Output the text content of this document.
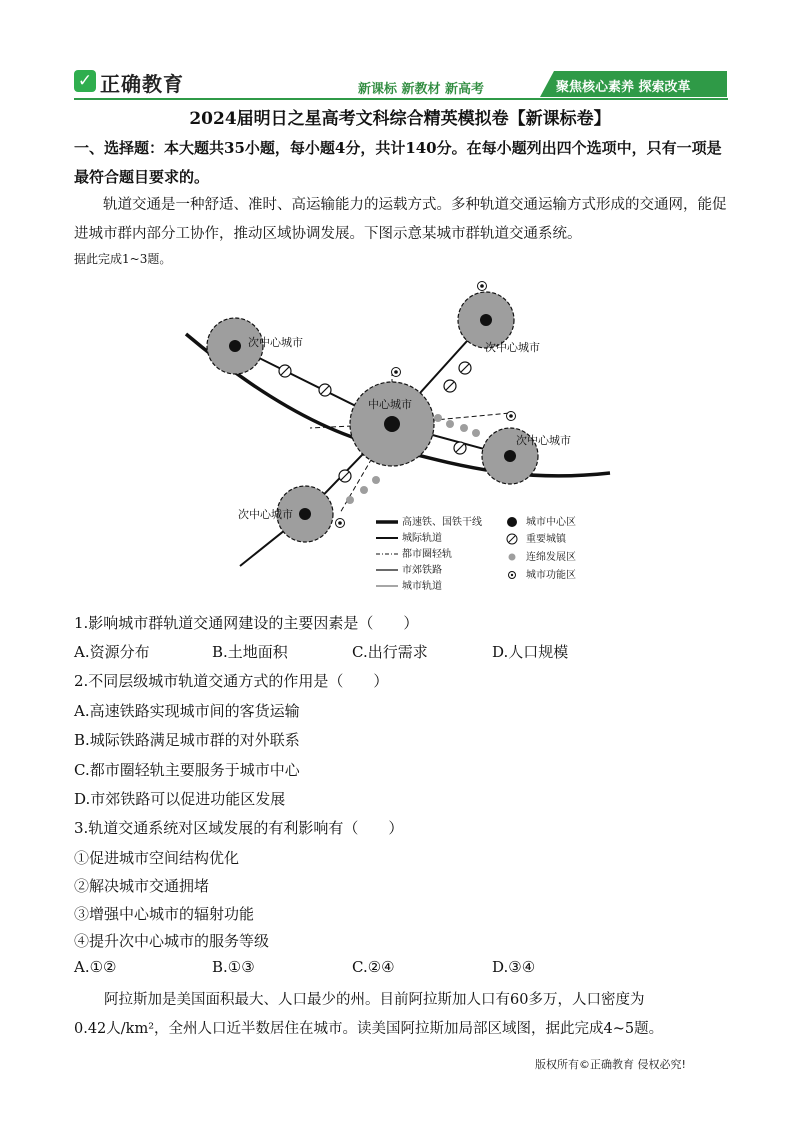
✓ 正确教育	新课标 新教材 新高考	聚焦核心素养 探索改革
2024届明日之星高考文科综合精英模拟卷【新课标卷】
一、选择题：本大题共35小题，每小题4分，共计140分。在每小题列出四个选项中，只有一项是最符合题目要求的。
轨道交通是一种舒适、准时、高运输能力的运载方式。多种轨道交通运输方式形成的交通网，能促进城市群内部分工协作，推动区域协调发展。下图示意某城市群轨道交通系统。

据此完成1~3题。
次中心城市
中心城市
次中心城市
次中心城市
次中心城市
高速铁、国铁干线
城际轨道
都市圈轻轨
市郊铁路
城市轨道
城市中心区
重要城镇
连绵发展区
城市功能区
1.影响城市群轨道交通网建设的主要因素是（　　）
A.资源分布	B.土地面积	C.出行需求	D.人口规模
2.不同层级城市轨道交通方式的作用是（　　）
A.高速铁路实现城市间的客货运输
B.城际铁路满足城市群的对外联系
C.都市圈轻轨主要服务于城市中心
D.市郊铁路可以促进功能区发展
3.轨道交通系统对区域发展的有利影响有（　　）
①促进城市空间结构优化
②解决城市交通拥堵
③增强中心城市的辐射功能
④提升次中心城市的服务等级
A.①②	B.①③	C.②④	D.③④
阿拉斯加是美国面积最大、人口最少的州。目前阿拉斯加人口有60多万，人口密度为
0.42人/km²，全州人口近半数居住在城市。读美国阿拉斯加局部区域图，据此完成4~5题。
版权所有©正确教育 侵权必究!
